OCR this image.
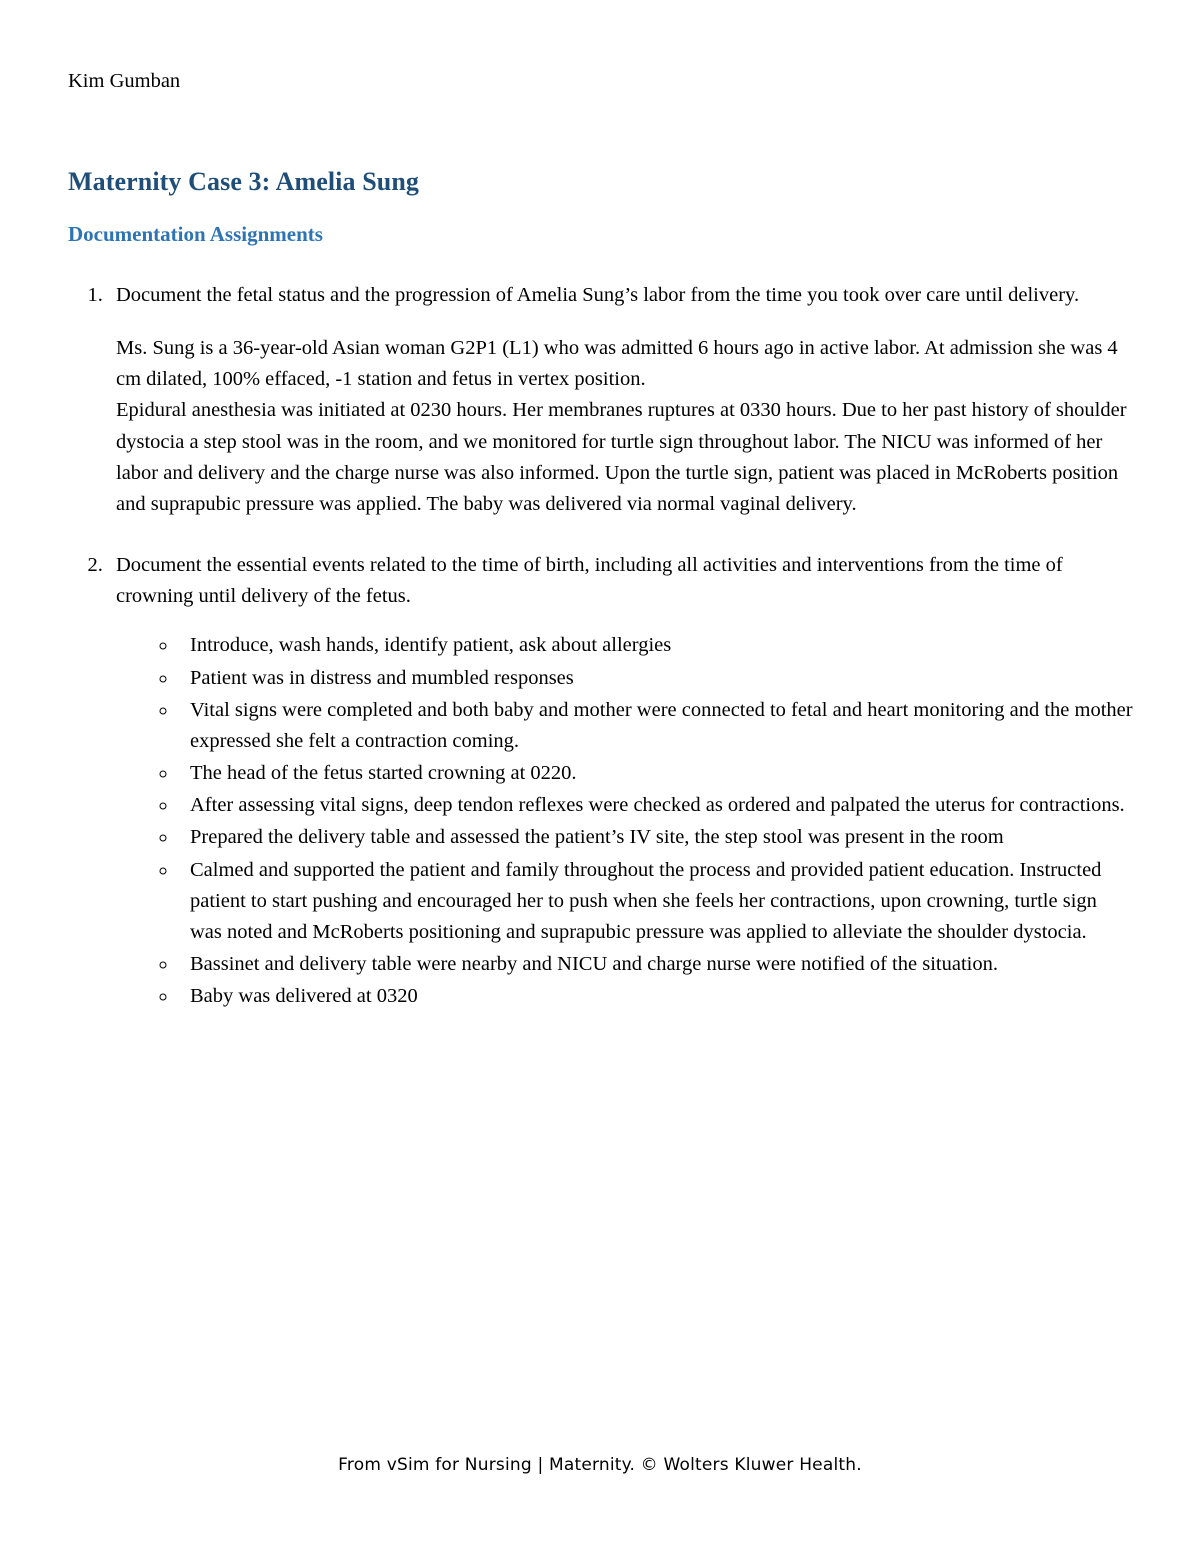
Kim Gumban
Maternity Case 3: Amelia Sung
Documentation Assignments

1. Document the fetal status and the progression of Amelia Sung’s labor from the time you took over care until delivery.

Ms. Sung is a 36-year-old Asian woman G2P1 (L1) who was admitted 6 hours ago in active labor. At admission she was 4 cm dilated, 100% effaced, -1 station and fetus in vertex position.

Epidural anesthesia was initiated at 0230 hours. Her membranes ruptures at 0330 hours. Due to her past history of shoulder dystocia a step stool was in the room, and we monitored for turtle sign throughout labor. The NICU was informed of her labor and delivery and the charge nurse was also informed. Upon the turtle sign, patient was placed in McRoberts position and suprapubic pressure was applied. The baby was delivered via normal vaginal delivery.

2. Document the essential events related to the time of birth, including all activities and interventions from the time of crowning until delivery of the fetus.

◦ Introduce, wash hands, identify patient, ask about allergies
◦ Patient was in distress and mumbled responses
◦ Vital signs were completed and both baby and mother were connected to fetal and heart monitoring and the mother expressed she felt a contraction coming.
◦ The head of the fetus started crowning at 0220.
◦ After assessing vital signs, deep tendon reflexes were checked as ordered and palpated the uterus for contractions.
◦ Prepared the delivery table and assessed the patient’s IV site, the step stool was present in the room
◦ Calmed and supported the patient and family throughout the process and provided patient education. Instructed patient to start pushing and encouraged her to push when she feels her contractions, upon crowning, turtle sign was noted and McRoberts positioning and suprapubic pressure was applied to alleviate the shoulder dystocia.
◦ Bassinet and delivery table were nearby and NICU and charge nurse were notified of the situation.
◦ Baby was delivered at 0320
From vSim for Nursing | Maternity. © Wolters Kluwer Health.
